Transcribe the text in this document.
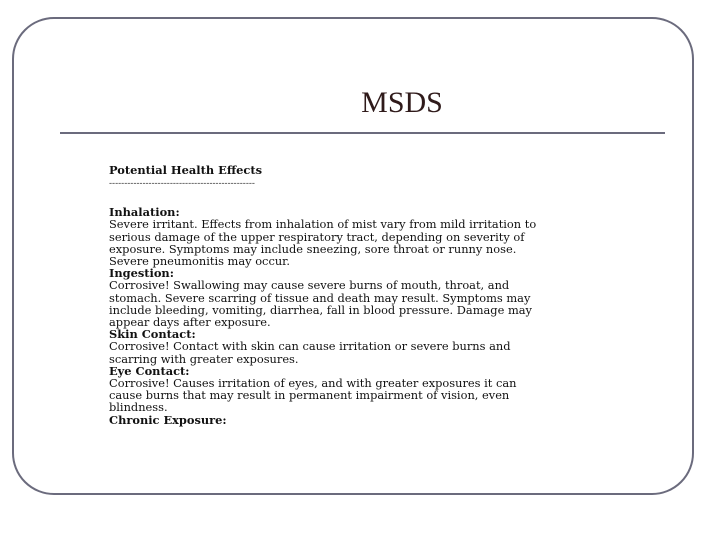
MSDS
Potential Health Effects
------------------------------------------------
Inhalation:
Severe irritant. Effects from inhalation of mist vary from mild irritation to
serious damage of the upper respiratory tract, depending on severity of
exposure. Symptoms may include sneezing, sore throat or runny nose.
Severe pneumonitis may occur.
Ingestion:
Corrosive! Swallowing may cause severe burns of mouth, throat, and
stomach. Severe scarring of tissue and death may result. Symptoms may
include bleeding, vomiting, diarrhea, fall in blood pressure. Damage may
appear days after exposure.
Skin Contact:
Corrosive! Contact with skin can cause irritation or severe burns and
scarring with greater exposures.
Eye Contact:
Corrosive! Causes irritation of eyes, and with greater exposures it can
cause burns that may result in permanent impairment of vision, even
blindness.
Chronic Exposure:
